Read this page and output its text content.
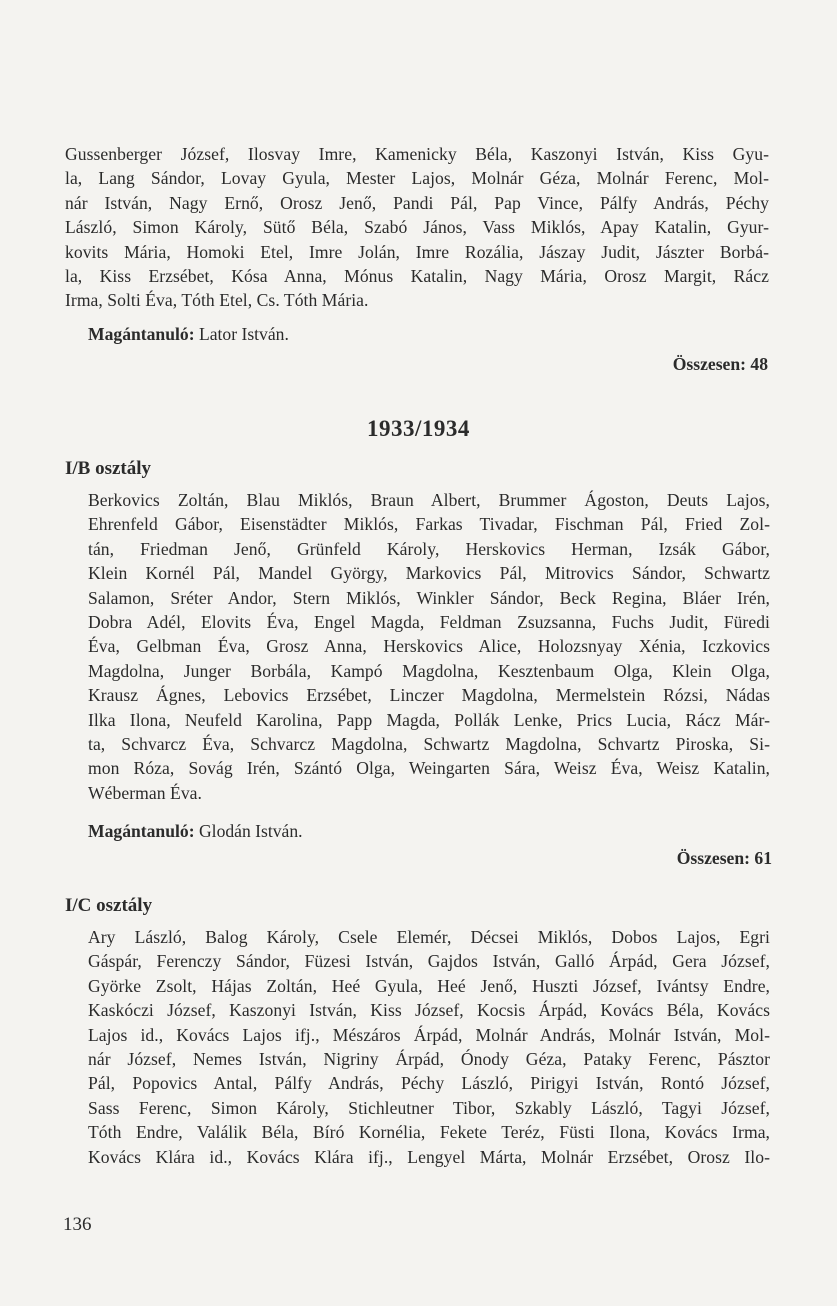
Gussenberger József, Ilosvay Imre, Kamenicky Béla, Kaszonyi István, Kiss Gyu-
la, Lang Sándor, Lovay Gyula, Mester Lajos, Molnár Géza, Molnár Ferenc, Mol-
nár István, Nagy Ernő, Orosz Jenő, Pandi Pál, Pap Vince, Pálfy András, Péchy
László, Simon Károly, Sütő Béla, Szabó János, Vass Miklós, Apay Katalin, Gyur-
kovits Mária, Homoki Etel, Imre Jolán, Imre Rozália, Jászay Judit, Jászter Borbá-
la, Kiss Erzsébet, Kósa Anna, Mónus Katalin, Nagy Mária, Orosz Margit, Rácz
Irma, Solti Éva, Tóth Etel, Cs. Tóth Mária.

Magántanuló: Lator István.
Összesen: 48
1933/1934
I/B osztály

Berkovics Zoltán, Blau Miklós, Braun Albert, Brummer Ágoston, Deuts Lajos,
Ehrenfeld Gábor, Eisenstädter Miklós, Farkas Tivadar, Fischman Pál, Fried Zol-
tán, Friedman Jenő, Grünfeld Károly, Herskovics Herman, Izsák Gábor,
Klein Kornél Pál, Mandel György, Markovics Pál, Mitrovics Sándor, Schwartz
Salamon, Sréter Andor, Stern Miklós, Winkler Sándor, Beck Regina, Bláer Irén,
Dobra Adél, Elovits Éva, Engel Magda, Feldman Zsuzsanna, Fuchs Judit, Füredi
Éva, Gelbman Éva, Grosz Anna, Herskovics Alice, Holozsnyay Xénia, Iczkovics
Magdolna, Junger Borbála, Kampó Magdolna, Kesztenbaum Olga, Klein Olga,
Krausz Ágnes, Lebovics Erzsébet, Linczer Magdolna, Mermelstein Rózsi, Nádas
Ilka Ilona, Neufeld Karolina, Papp Magda, Pollák Lenke, Prics Lucia, Rácz Már-
ta, Schvarcz Éva, Schvarcz Magdolna, Schwartz Magdolna, Schvartz Piroska, Si-
mon Róza, Sovág Irén, Szántó Olga, Weingarten Sára, Weisz Éva, Weisz Katalin,
Wéberman Éva.

Magántanuló: Glodán István.
Összesen: 61
I/C osztály

Ary László, Balog Károly, Csele Elemér, Décsei Miklós, Dobos Lajos, Egri
Gáspár, Ferenczy Sándor, Füzesi István, Gajdos István, Galló Árpád, Gera József,
Györke Zsolt, Hájas Zoltán, Heé Gyula, Heé Jenő, Huszti József, Ivántsy Endre,
Kaskóczi József, Kaszonyi István, Kiss József, Kocsis Árpád, Kovács Béla, Kovács
Lajos id., Kovács Lajos ifj., Mészáros Árpád, Molnár András, Molnár István, Mol-
nár József, Nemes István, Nigriny Árpád, Ónody Géza, Pataky Ferenc, Pásztor
Pál, Popovics Antal, Pálfy András, Péchy László, Pirigyi István, Rontó József,
Sass Ferenc, Simon Károly, Stichleutner Tibor, Szkably László, Tagyi József,
Tóth Endre, Valálik Béla, Bíró Kornélia, Fekete Teréz, Füsti Ilona, Kovács Irma,
Kovács Klára id., Kovács Klára ifj., Lengyel Márta, Molnár Erzsébet, Orosz Ilo-

136
